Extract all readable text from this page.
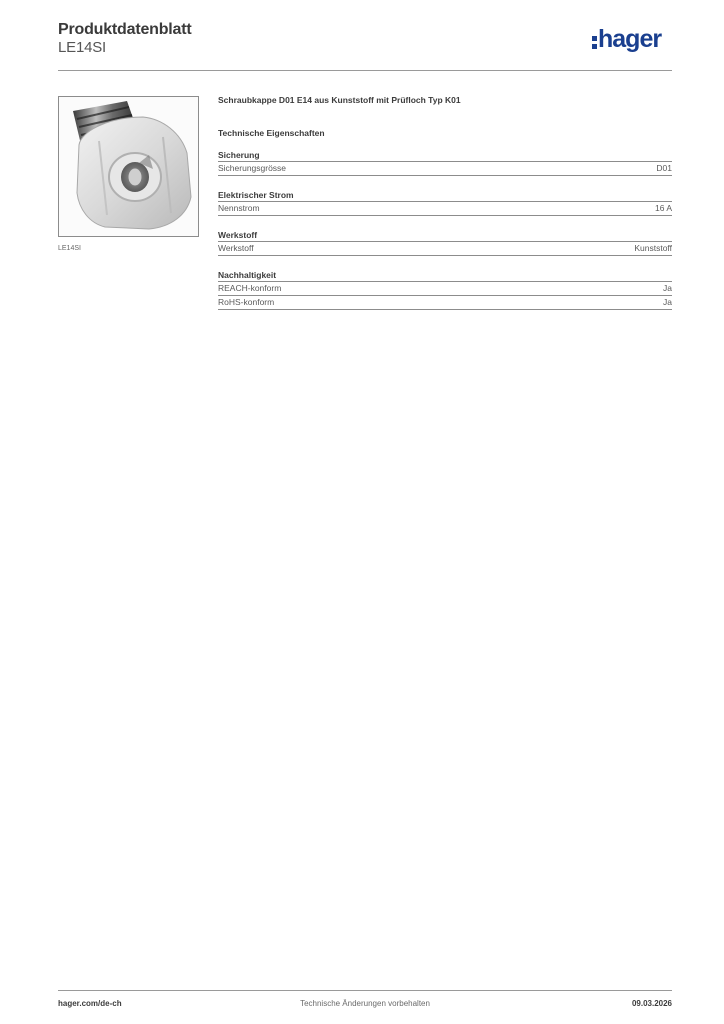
Produktdatenblatt
LE14SI	hager
LE14SI
Schraubkappe D01 E14 aus Kunststoff mit Prüfloch Typ K01
Technische Eigenschaften
Sicherung
Sicherungsgrösse	D01
Elektrischer Strom
Nennstrom	16 A
Werkstoff
Werkstoff	Kunststoff
Nachhaltigkeit
REACH-konform	Ja
RoHS-konform	Ja
Technische Änderungen vorbehalten
hager.com/de-ch	09.03.2026
